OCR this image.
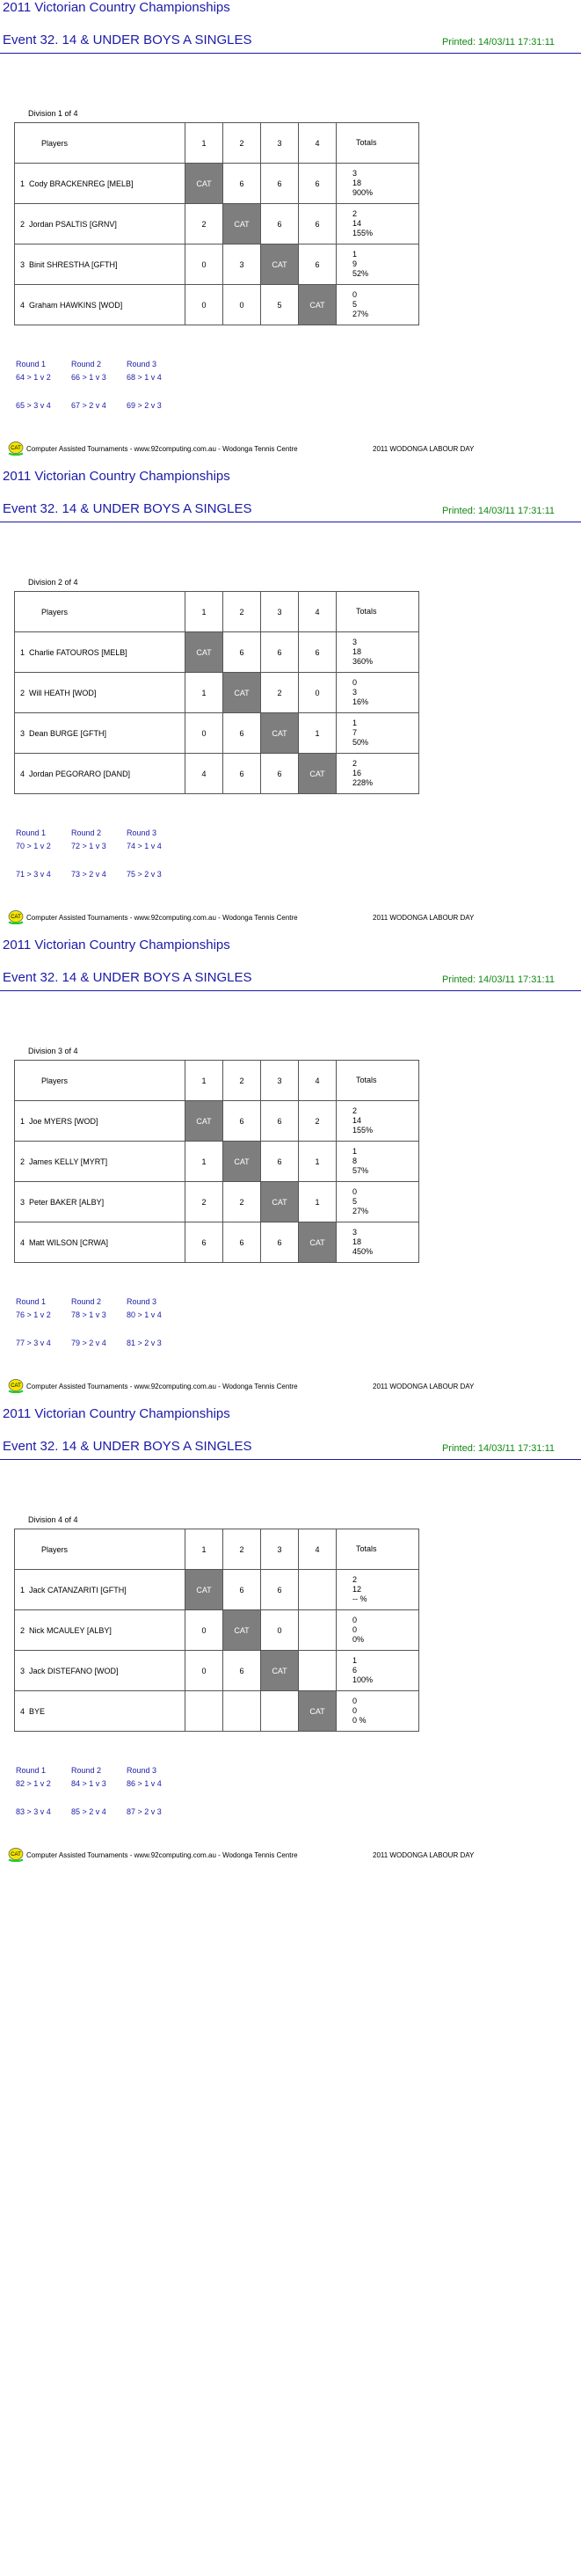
2011 Victorian Country Championships
Event 32. 14 & UNDER BOYS A SINGLES	Printed: 14/03/11 17:31:11
Division 1 of 4
Players	1	2	3	4	Totals
1 Cody BRACKENREG [MELB]	CAT	6	6	6	3
18
900%

2 Jordan PSALTIS [GRNV]	2	CAT	6	6	2
14
155%

3 Binit SHRESTHA [GFTH]	0	3	CAT	6	1
9
52%

4 Graham HAWKINS [WOD]	0	0	5	CAT	0
5
27%
Round 1
64 > 1 v 2
65 > 3 v 4
Round 2
66 > 1 v 3
67 > 2 v 4
Round 3
68 > 1 v 4
69 > 2 v 3
CAT Computer Assisted Tournaments - www.92computing.com.au - Wodonga Tennis Centre	2011 WODONGA LABOUR DAY
2011 Victorian Country Championships
Event 32. 14 & UNDER BOYS A SINGLES	Printed: 14/03/11 17:31:11
Division 2 of 4
Players	1	2	3	4	Totals
1 Charlie FATOUROS [MELB]	CAT	6	6	6	3
18
360%

2 Will HEATH [WOD]	1	CAT	2	0	0
3
16%

3 Dean BURGE [GFTH]	0	6	CAT	1	1
7
50%

4 Jordan PEGORARO [DAND]	4	6	6	CAT	2
16
228%
Round 1
70 > 1 v 2
71 > 3 v 4
Round 2
72 > 1 v 3
73 > 2 v 4
Round 3
74 > 1 v 4
75 > 2 v 3
CAT Computer Assisted Tournaments - www.92computing.com.au - Wodonga Tennis Centre	2011 WODONGA LABOUR DAY
2011 Victorian Country Championships
Event 32. 14 & UNDER BOYS A SINGLES	Printed: 14/03/11 17:31:11
Division 3 of 4
Players	1	2	3	4	Totals
1 Joe MYERS [WOD]	CAT	6	6	2	2
14
155%

2 James KELLY [MYRT]	1	CAT	6	1	1
8
57%

3 Peter BAKER [ALBY]	2	2	CAT	1	0
5
27%

4 Matt WILSON [CRWA]	6	6	6	CAT	3
18
450%
Round 1
76 > 1 v 2
77 > 3 v 4
Round 2
78 > 1 v 3
79 > 2 v 4
Round 3
80 > 1 v 4
81 > 2 v 3
CAT Computer Assisted Tournaments - www.92computing.com.au - Wodonga Tennis Centre	2011 WODONGA LABOUR DAY
2011 Victorian Country Championships
Event 32. 14 & UNDER BOYS A SINGLES	Printed: 14/03/11 17:31:11
Division 4 of 4
Players	1	2	3	4	Totals
1 Jack CATANZARITI [GFTH]	CAT	6	6		2
12
-- %

2 Nick MCAULEY [ALBY]	0	CAT	0		0
0
0%

3 Jack DISTEFANO [WOD]	0	6	CAT		1
6
100%

4 BYE				CAT	0
0
0 %
Round 1
82 > 1 v 2
83 > 3 v 4
Round 2
84 > 1 v 3
85 > 2 v 4
Round 3
86 > 1 v 4
87 > 2 v 3
CAT Computer Assisted Tournaments - www.92computing.com.au - Wodonga Tennis Centre	2011 WODONGA LABOUR DAY
